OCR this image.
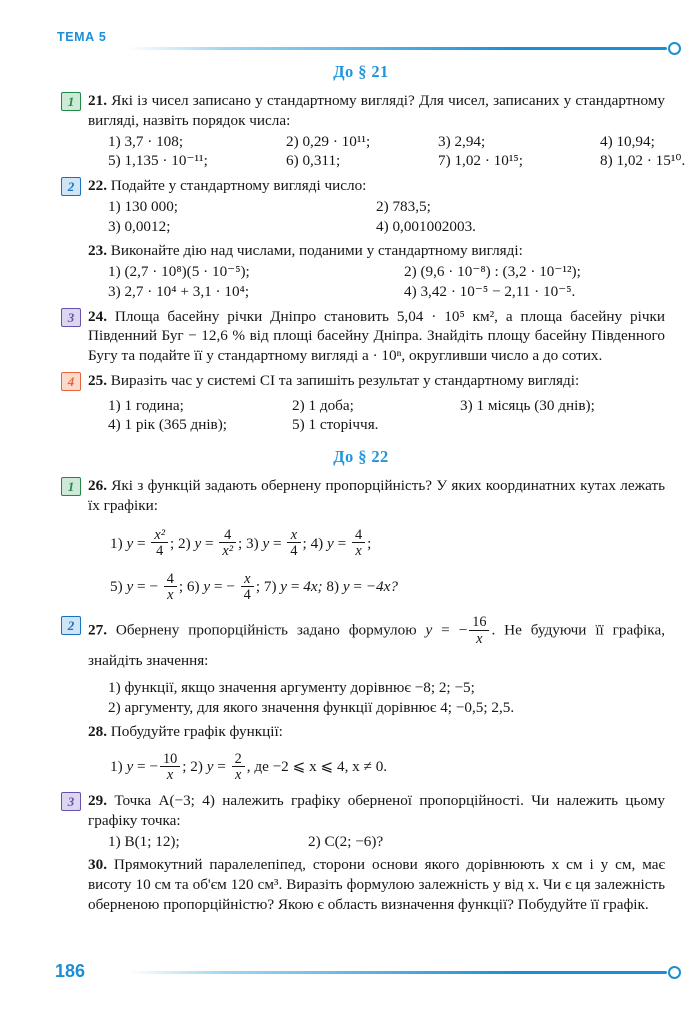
ТЕМА 5
До § 21
1 21. Які із чисел записано у стандартному вигляді? Для чисел, записаних у стандартному вигляді, назвіть порядок числа:
1) 3,7 · 108;	2) 0,29 · 10¹¹;	3) 2,94;	4) 10,94;
5) 1,135 · 10⁻¹¹;	6) 0,311;	7) 1,02 · 10¹⁵;	8) 1,02 · 15¹⁰.
2 22. Подайте у стандартному вигляді число:
1) 130 000;	2) 783,5;
3) 0,0012;	4) 0,001002003.
23. Виконайте дію над числами, поданими у стандартному вигляді:
1) (2,7 · 10⁸)(5 · 10⁻⁵);	2) (9,6 · 10⁻⁸) : (3,2 · 10⁻¹²);
3) 2,7 · 10⁴ + 3,1 · 10⁴;	4) 3,42 · 10⁻⁵ − 2,11 · 10⁻⁵.
3 24. Площа басейну річки Дніпро становить 5,04 · 10⁵ км², а площа басейну річки Південний Буг − 12,6 % від площі басейну Дніпра. Знайдіть площу басейну Південного Бугу та подайте її у стандартному вигляді a · 10ⁿ, округливши число a до сотих.
4 25. Виразіть час у системі СІ та запишіть результат у стандартному вигляді:
1) 1 година;	2) 1 доба;	3) 1 місяць (30 днів);
4) 1 рік (365 днів);	5) 1 сторіччя.
До § 22
1 26. Які з функцій задають обернену пропорційність? У яких координатних кутах лежать їх графіки:
1) $y = \frac{\text{x²}}{4}$ ; 2) $y = \frac{4}{\text{x²}}$ ; 3) $y = \frac{x}{4}$ ; 4) $y = \frac{4}{x}$ ; 5) y = − $\frac{4}{x}$ ; 6) y = − $\frac{x}{4}$ ; 7) y = 4x; 8) y = −4x?
2 27. Обернену пропорційність задано формулою y = − $\frac{16}{x}$ . Не будуючи її графіка, знайдіть значення:
1) функції, якщо значення аргументу дорівнює −8; 2; −5;
2) аргументу, для якого значення функції дорівнює 4; −0,5; 2,5.
28. Побудуйте графік функції:
1) y = − $\frac{10}{x}$ ; 2) $y = \frac{2}{x}$ , де −2 ⩽ x ⩽ 4, x ≠ 0.
3 29. Точка A(−3; 4) належить графіку оберненої пропорційності. Чи належить цьому графіку точка:
1) B(1; 12);	2) C(2; −6)?
30. Прямокутний паралелепіпед, сторони основи якого дорівнюють x см і y см, має висоту 10 см та об'єм 120 см³. Виразіть формулою залежність y від x. Чи є ця залежність оберненою пропорційністю? Якою є область визначення функції? Побудуйте її графік.
186
